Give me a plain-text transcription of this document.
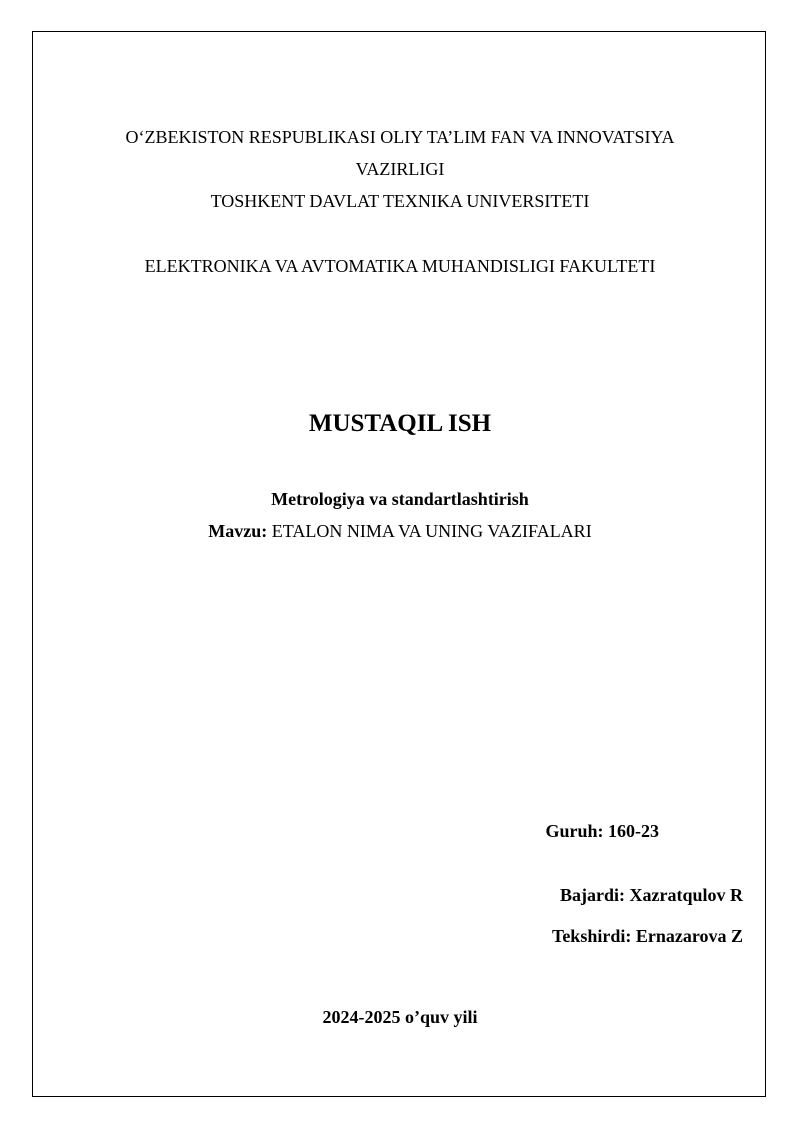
O‘ZBEKISTON RESPUBLIKASI OLIY TA’LIM FAN VA INNOVATSIYA
VAZIRLIGI
TOSHKENT DAVLAT TEXNIKA UNIVERSITETI
ELEKTRONIKA VA AVTOMATIKA MUHANDISLIGI FAKULTETI
MUSTAQIL ISH
Metrologiya va standartlashtirish
Mavzu: ETALON NIMA VA UNING VAZIFALARI
Guruh: 160-23
Bajardi: Xazratqulov R
Tekshirdi: Ernazarova Z
2024-2025 o’quv yili
